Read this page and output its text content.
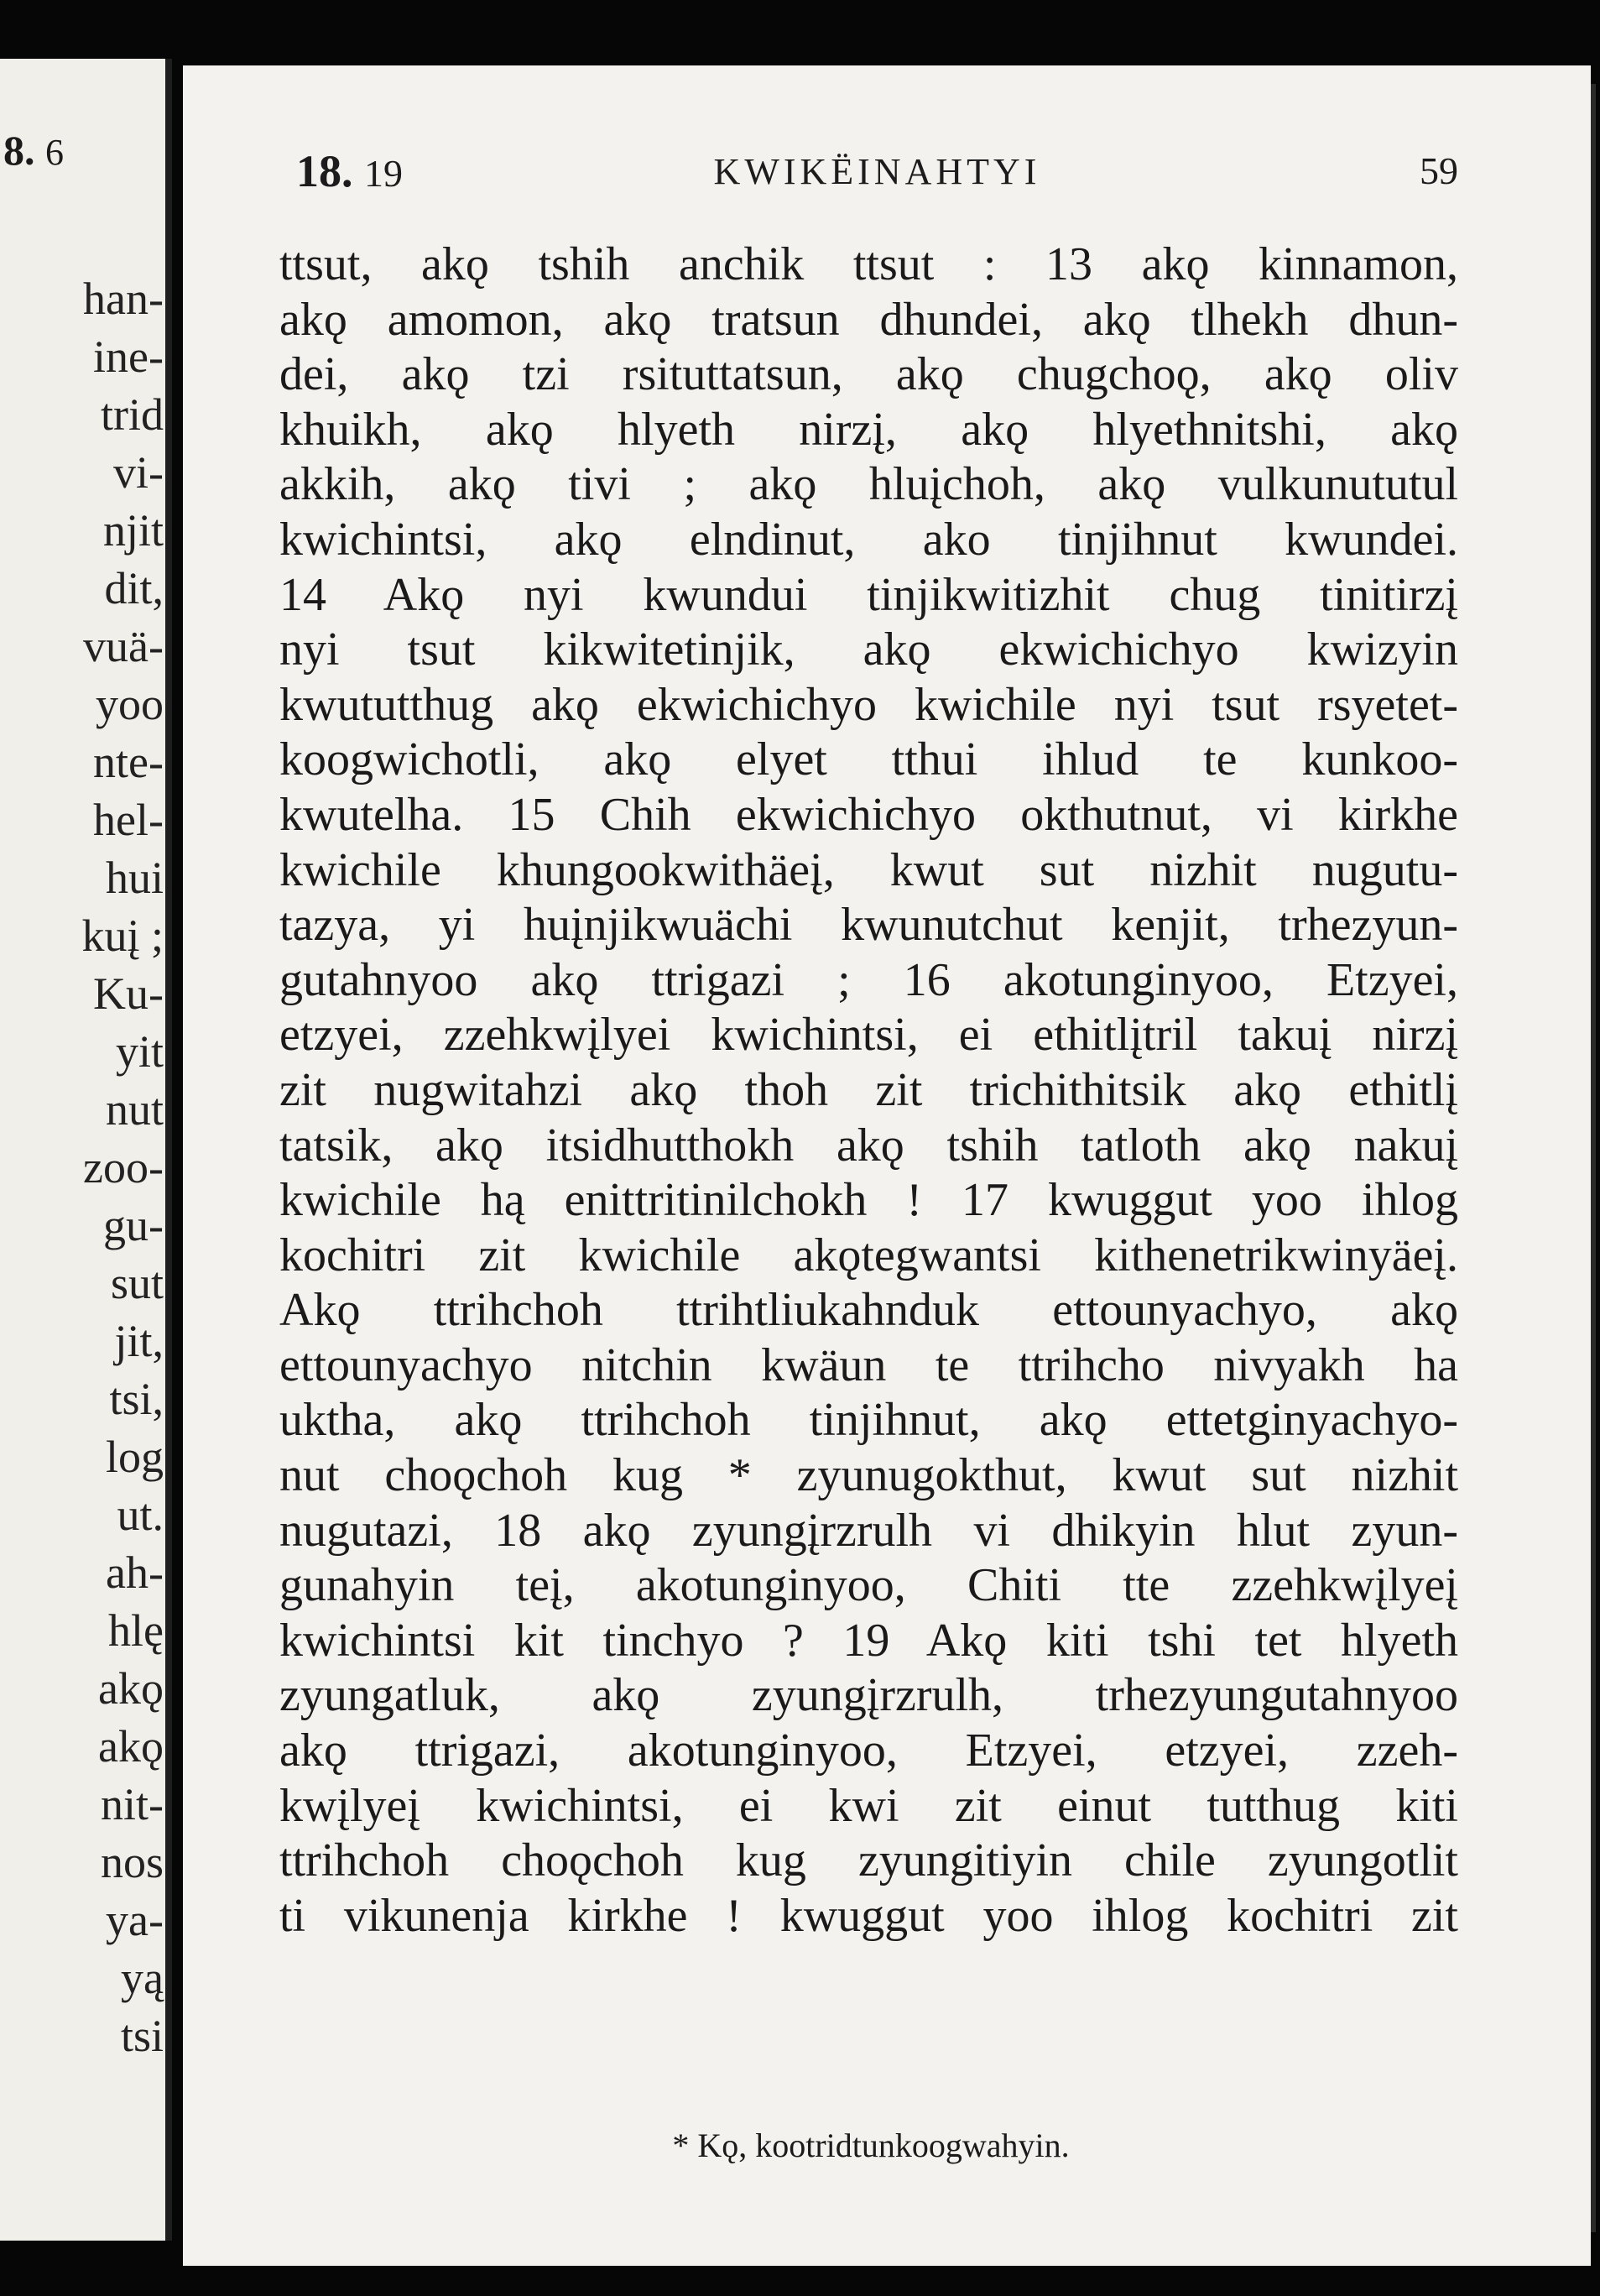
8. 6
han-
ine-
trid
vi-
njit
dit,
vuä-
yoo
nte-
hel-
hui
kuį ;
Ku-
yit
nut
zoo-
gu-
sut
jit,
tsi,
log
ut.
ah-
hlę
akǫ
akǫ
nit-
nos
ya-
yą
tsi
18. 19	KWIKËINAHTYI	59
ttsut, akǫ tshih anchik ttsut : 13 akǫ kinnamon,
akǫ amomon, akǫ tratsun dhundei, akǫ tlhekh dhun-
dei, akǫ tzi rsituttatsun, akǫ chugchoǫ, akǫ oliv
khuikh, akǫ hlyeth nirzį, akǫ hlyethnitshi, akǫ
akkih, akǫ tivi ; akǫ hluįchoh, akǫ vulkunututul
kwichintsi, akǫ elndinut, ako tinjihnut kwundei.
14 Akǫ nyi kwundui tinjikwitizhit chug tinitirzį
nyi tsut kikwitetinjik, akǫ ekwichichyo kwizyin
kwututthug akǫ ekwichichyo kwichile nyi tsut rsyetet-
koogwichotli, akǫ elyet tthui ihlud te kunkoo-
kwutelha. 15 Chih ekwichichyo okthutnut, vi kirkhe
kwichile khungookwithäeį, kwut sut nizhit nugutu-
tazya, yi huįnjikwuächi kwunutchut kenjit, trhezyun-
gutahnyoo akǫ ttrigazi ; 16 akotunginyoo, Etzyei,
etzyei, zzehkwįlyei kwichintsi, ei ethitlįtril takuį nirzį
zit nugwitahzi akǫ thoh zit trichithitsik akǫ ethitlį
tatsik, akǫ itsidhutthokh akǫ tshih tatloth akǫ nakuį
kwichile hą enittritinilchokh ! 17 kwuggut yoo ihlog
kochitri zit kwichile akǫtegwantsi kithenetrikwinyäeį.
Akǫ ttrihchoh ttrihtliukahnduk ettounyachyo, akǫ
ettounyachyo nitchin kwäun te ttrihcho nivyakh ha
uktha, akǫ ttrihchoh tinjihnut, akǫ ettetginyachyo-
nut choǫchoh kug * zyunugokthut, kwut sut nizhit
nugutazi, 18 akǫ zyungįrzrulh vi dhikyin hlut zyun-
gunahyin teį, akotunginyoo, Chiti tte zzehkwįlyeį
kwichintsi kit tinchyo ? 19 Akǫ kiti tshi tet hlyeth
zyungatluk, akǫ zyungįrzrulh, trhezyungutahnyoo
akǫ ttrigazi, akotunginyoo, Etzyei, etzyei, zzeh-
kwįlyeį kwichintsi, ei kwi zit einut tutthug kiti
ttrihchoh choǫchoh kug zyungitiyin chile zyungotlit
ti vikunenja kirkhe ! kwuggut yoo ihlog kochitri zit
* Kǫ, kootridtunkoogwahyin.
